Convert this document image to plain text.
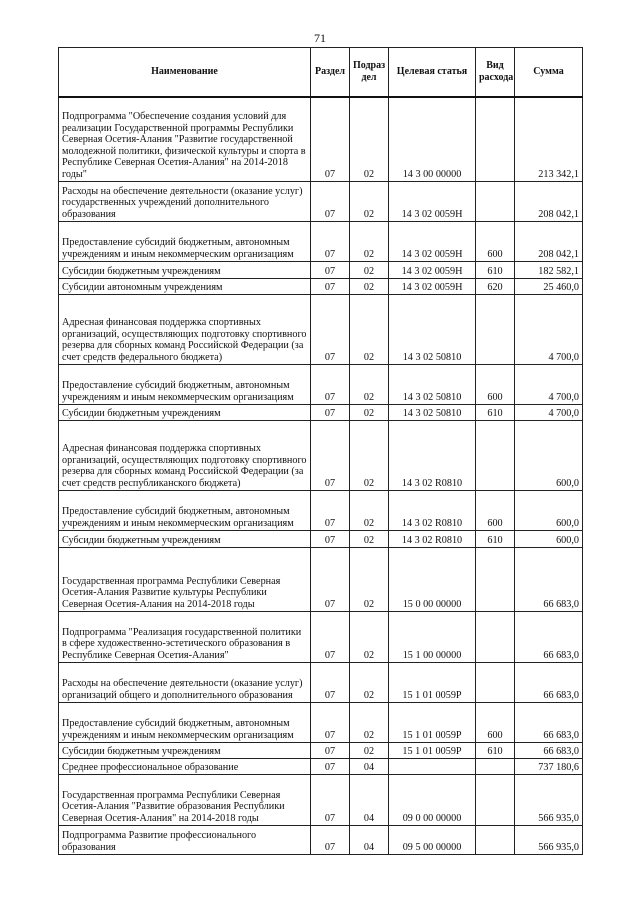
71
Наименование	Раздел	Подраз дел	Целевая статья	Вид расхода	Сумма
Подпрограмма "Обеспечение создания условий для реализации Государственной программы Республики Северная Осетия-Алания "Развитие государственной молодежной политики, физической культуры и спорта в Республике Северная Осетия-Алания" на 2014-2018 годы"	07	02	14 3 00 00000		213 342,1
Расходы на обеспечение деятельности (оказание услуг) государственных учреждений дополнительного образования	07	02	14 3 02 0059Н		208 042,1
Предоставление субсидий бюджетным, автономным учреждениям и иным некоммерческим организациям	07	02	14 3 02 0059Н	600	208 042,1
Субсидии бюджетным учреждениям	07	02	14 3 02 0059Н	610	182 582,1
Субсидии автономным учреждениям	07	02	14 3 02 0059Н	620	25 460,0
Адресная финансовая поддержка спортивных организаций, осуществляющих подготовку спортивного резерва для сборных команд Российской Федерации (за счет средств федерального бюджета)	07	02	14 3 02 50810		4 700,0
Предоставление субсидий бюджетным, автономным учреждениям и иным некоммерческим организациям	07	02	14 3 02 50810	600	4 700,0
Субсидии бюджетным учреждениям	07	02	14 3 02 50810	610	4 700,0
Адресная финансовая поддержка спортивных организаций, осуществляющих подготовку спортивного резерва для сборных команд Российской Федерации (за счет средств республиканского бюджета)	07	02	14 3 02 R0810		600,0
Предоставление субсидий бюджетным, автономным учреждениям и иным некоммерческим организациям	07	02	14 3 02 R0810	600	600,0
Субсидии бюджетным учреждениям	07	02	14 3 02 R0810	610	600,0
Государственная программа Республики Северная Осетия-Алания Развитие культуры Республики Северная Осетия-Алания на 2014-2018 годы	07	02	15 0 00 00000		66 683,0
Подпрограмма "Реализация государственной политики в сфере художественно-эстетического образования в Республике Северная Осетия-Алания"	07	02	15 1 00 00000		66 683,0
Расходы на обеспечение деятельности (оказание услуг) организаций общего и дополнительного образования	07	02	15 1 01 0059Р		66 683,0
Предоставление субсидий бюджетным, автономным учреждениям и иным некоммерческим организациям	07	02	15 1 01 0059Р	600	66 683,0
Субсидии бюджетным учреждениям	07	02	15 1 01 0059Р	610	66 683,0
Среднее профессиональное образование	07	04			737 180,6
Государственная программа Республики Северная Осетия-Алания "Развитие образования Республики Северная Осетия-Алания" на 2014-2018 годы	07	04	09 0 00 00000		566 935,0
Подпрограмма Развитие профессионального образования	07	04	09 5 00 00000		566 935,0
